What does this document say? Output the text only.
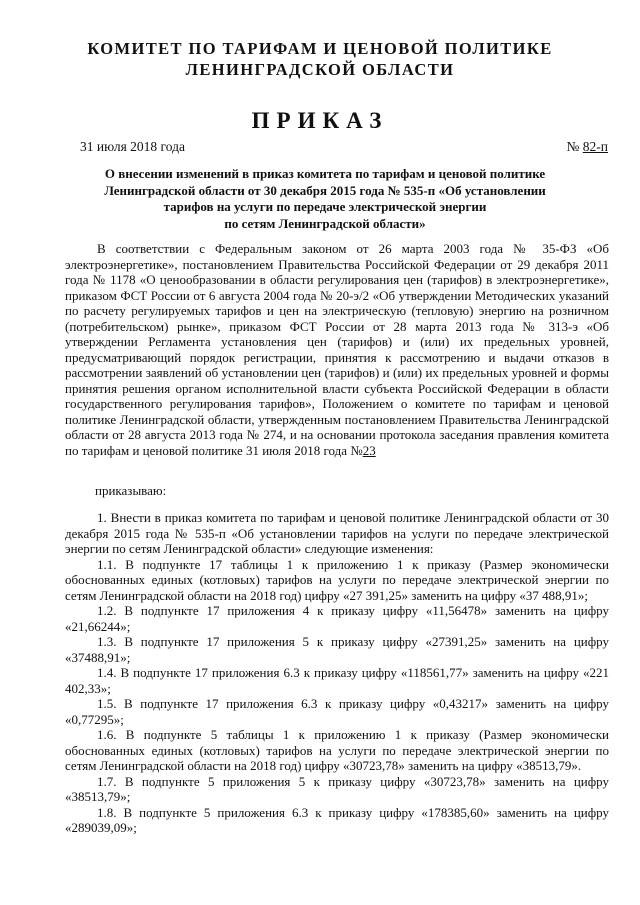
КОМИТЕТ ПО ТАРИФАМ И ЦЕНОВОЙ ПОЛИТИКЕ
ЛЕНИНГРАДСКОЙ ОБЛАСТИ
ПРИКАЗ
31 июля 2018 года	№ 82-п
О внесении изменений в приказ комитета по тарифам и ценовой политике
Ленинградской области от 30 декабря 2015 года № 535-п «Об установлении
тарифов на услуги по передаче электрической энергии
по сетям Ленинградской области»

В соответствии с Федеральным законом от 26 марта 2003 года № 35-ФЗ «Об электроэнергетике», постановлением Правительства Российской Федерации от 29 декабря 2011 года № 1178 «О ценообразовании в области регулирования цен (тарифов) в электроэнергетике», приказом ФСТ России от 6 августа 2004 года № 20-э/2 «Об утверждении Методических указаний по расчету регулируемых тарифов и цен на электрическую (тепловую) энергию на розничном (потребительском) рынке», приказом ФСТ России от 28 марта 2013 года № 313-э «Об утверждении Регламента установления цен (тарифов) и (или) их предельных уровней, предусматривающий порядок регистрации, принятия к рассмотрению и выдачи отказов в рассмотрении заявлений об установлении цен (тарифов) и (или) их предельных уровней и формы принятия решения органом исполнительной власти субъекта Российской Федерации в области государственного регулирования тарифов», Положением о комитете по тарифам и ценовой политике Ленинградской области, утвержденным постановлением Правительства Ленинградской области от 28 августа 2013 года № 274, и на основании протокола заседания правления комитета по тарифам и ценовой политике 31 июля 2018 года №23

приказываю:

1. Внести в приказ комитета по тарифам и ценовой политике Ленинградской области от 30 декабря 2015 года № 535-п «Об установлении тарифов на услуги по передаче электрической энергии по сетям Ленинградской области» следующие изменения:

1.1. В подпункте 17 таблицы 1 к приложению 1 к приказу (Размер экономически обоснованных единых (котловых) тарифов на услуги по передаче электрической энергии по сетям Ленинградской области на 2018 год) цифру «27 391,25» заменить на цифру «37 488,91»;

1.2. В подпункте 17 приложения 4 к приказу цифру «11,56478» заменить на цифру «21,66244»;

1.3. В подпункте 17 приложения 5 к приказу цифру «27391,25» заменить на цифру «37488,91»;

1.4. В подпункте 17 приложения 6.3 к приказу цифру «118561,77» заменить на цифру «221 402,33»;

1.5. В подпункте 17 приложения 6.3 к приказу цифру «0,43217» заменить на цифру «0,77295»;

1.6. В подпункте 5 таблицы 1 к приложению 1 к приказу (Размер экономически обоснованных единых (котловых) тарифов на услуги по передаче электрической энергии по сетям Ленинградской области на 2018 год) цифру «30723,78» заменить на цифру «38513,79».

1.7. В подпункте 5 приложения 5 к приказу цифру «30723,78» заменить на цифру «38513,79»;

1.8. В подпункте 5 приложения 6.3 к приказу цифру «178385,60» заменить на цифру «289039,09»;
